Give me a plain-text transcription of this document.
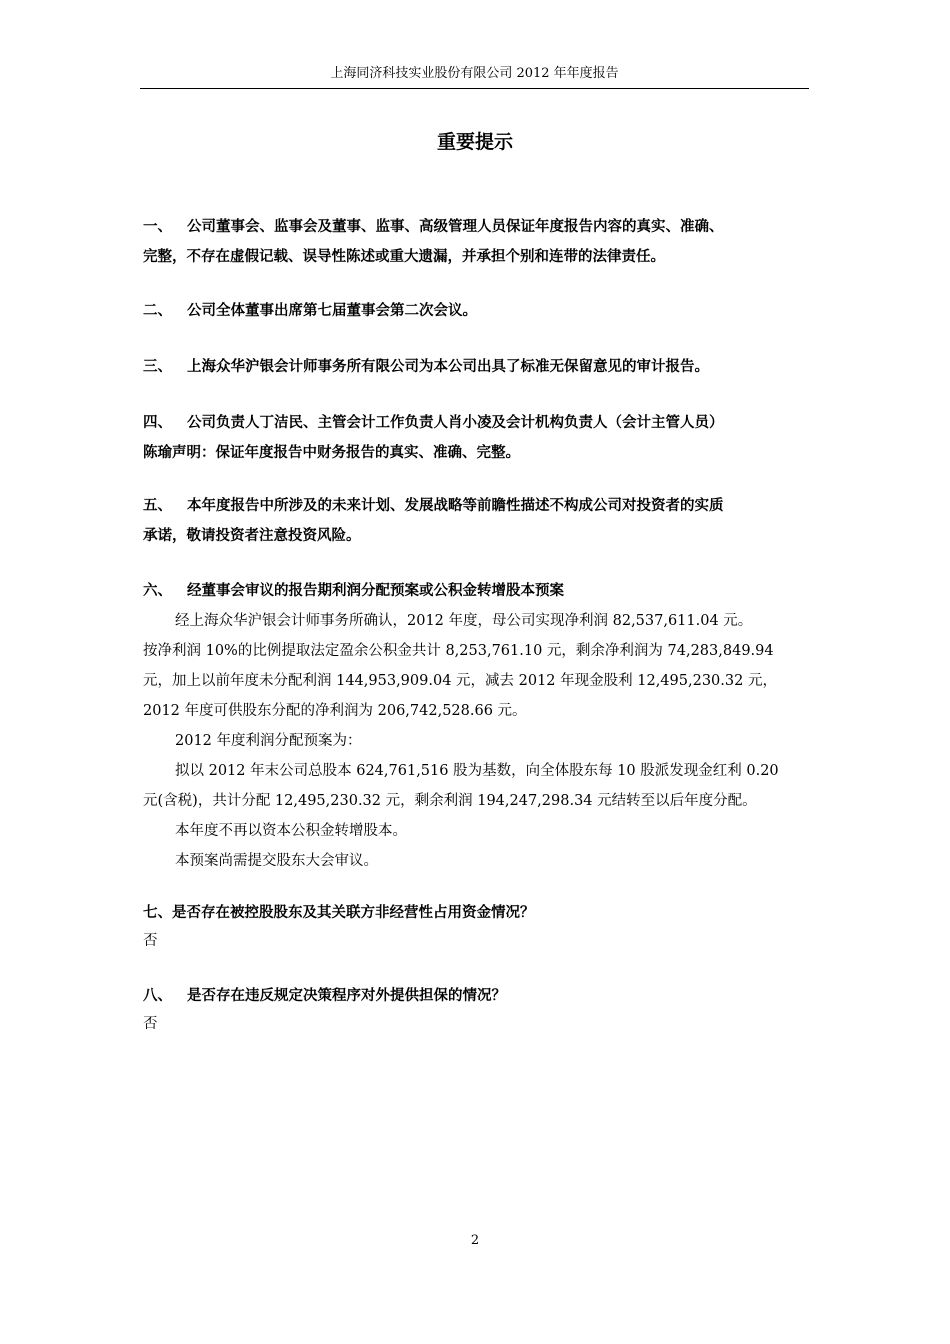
上海同济科技实业股份有限公司 2012 年年度报告
重要提示
一、 公司董事会、监事会及董事、监事、高级管理人员保证年度报告内容的真实、准确、
完整，不存在虚假记载、误导性陈述或重大遗漏，并承担个别和连带的法律责任。
二、 公司全体董事出席第七届董事会第二次会议。
三、 上海众华沪银会计师事务所有限公司为本公司出具了标准无保留意见的审计报告。
四、 公司负责人丁洁民、主管会计工作负责人肖小凌及会计机构负责人（会计主管人员）
陈瑜声明：保证年度报告中财务报告的真实、准确、完整。
五、 本年度报告中所涉及的未来计划、发展战略等前瞻性描述不构成公司对投资者的实质
承诺，敬请投资者注意投资风险。
六、 经董事会审议的报告期利润分配预案或公积金转增股本预案

经上海众华沪银会计师事务所确认，2012 年度，母公司实现净利润 82,537,611.04 元。

按净利润 10%的比例提取法定盈余公积金共计 8,253,761.10 元，剩余净利润为 74,283,849.94

元，加上以前年度未分配利润 144,953,909.04 元，减去 2012 年现金股利 12,495,230.32 元，

2012 年度可供股东分配的净利润为 206,742,528.66 元。

2012 年度利润分配预案为：

拟以 2012 年末公司总股本 624,761,516 股为基数，向全体股东每 10 股派发现金红利 0.20

元(含税)，共计分配 12,495,230.32 元，剩余利润 194,247,298.34 元结转至以后年度分配。

本年度不再以资本公积金转增股本。

本预案尚需提交股东大会审议。

七、是否存在被控股股东及其关联方非经营性占用资金情况？
否
八、 是否存在违反规定决策程序对外提供担保的情况？
否
2
